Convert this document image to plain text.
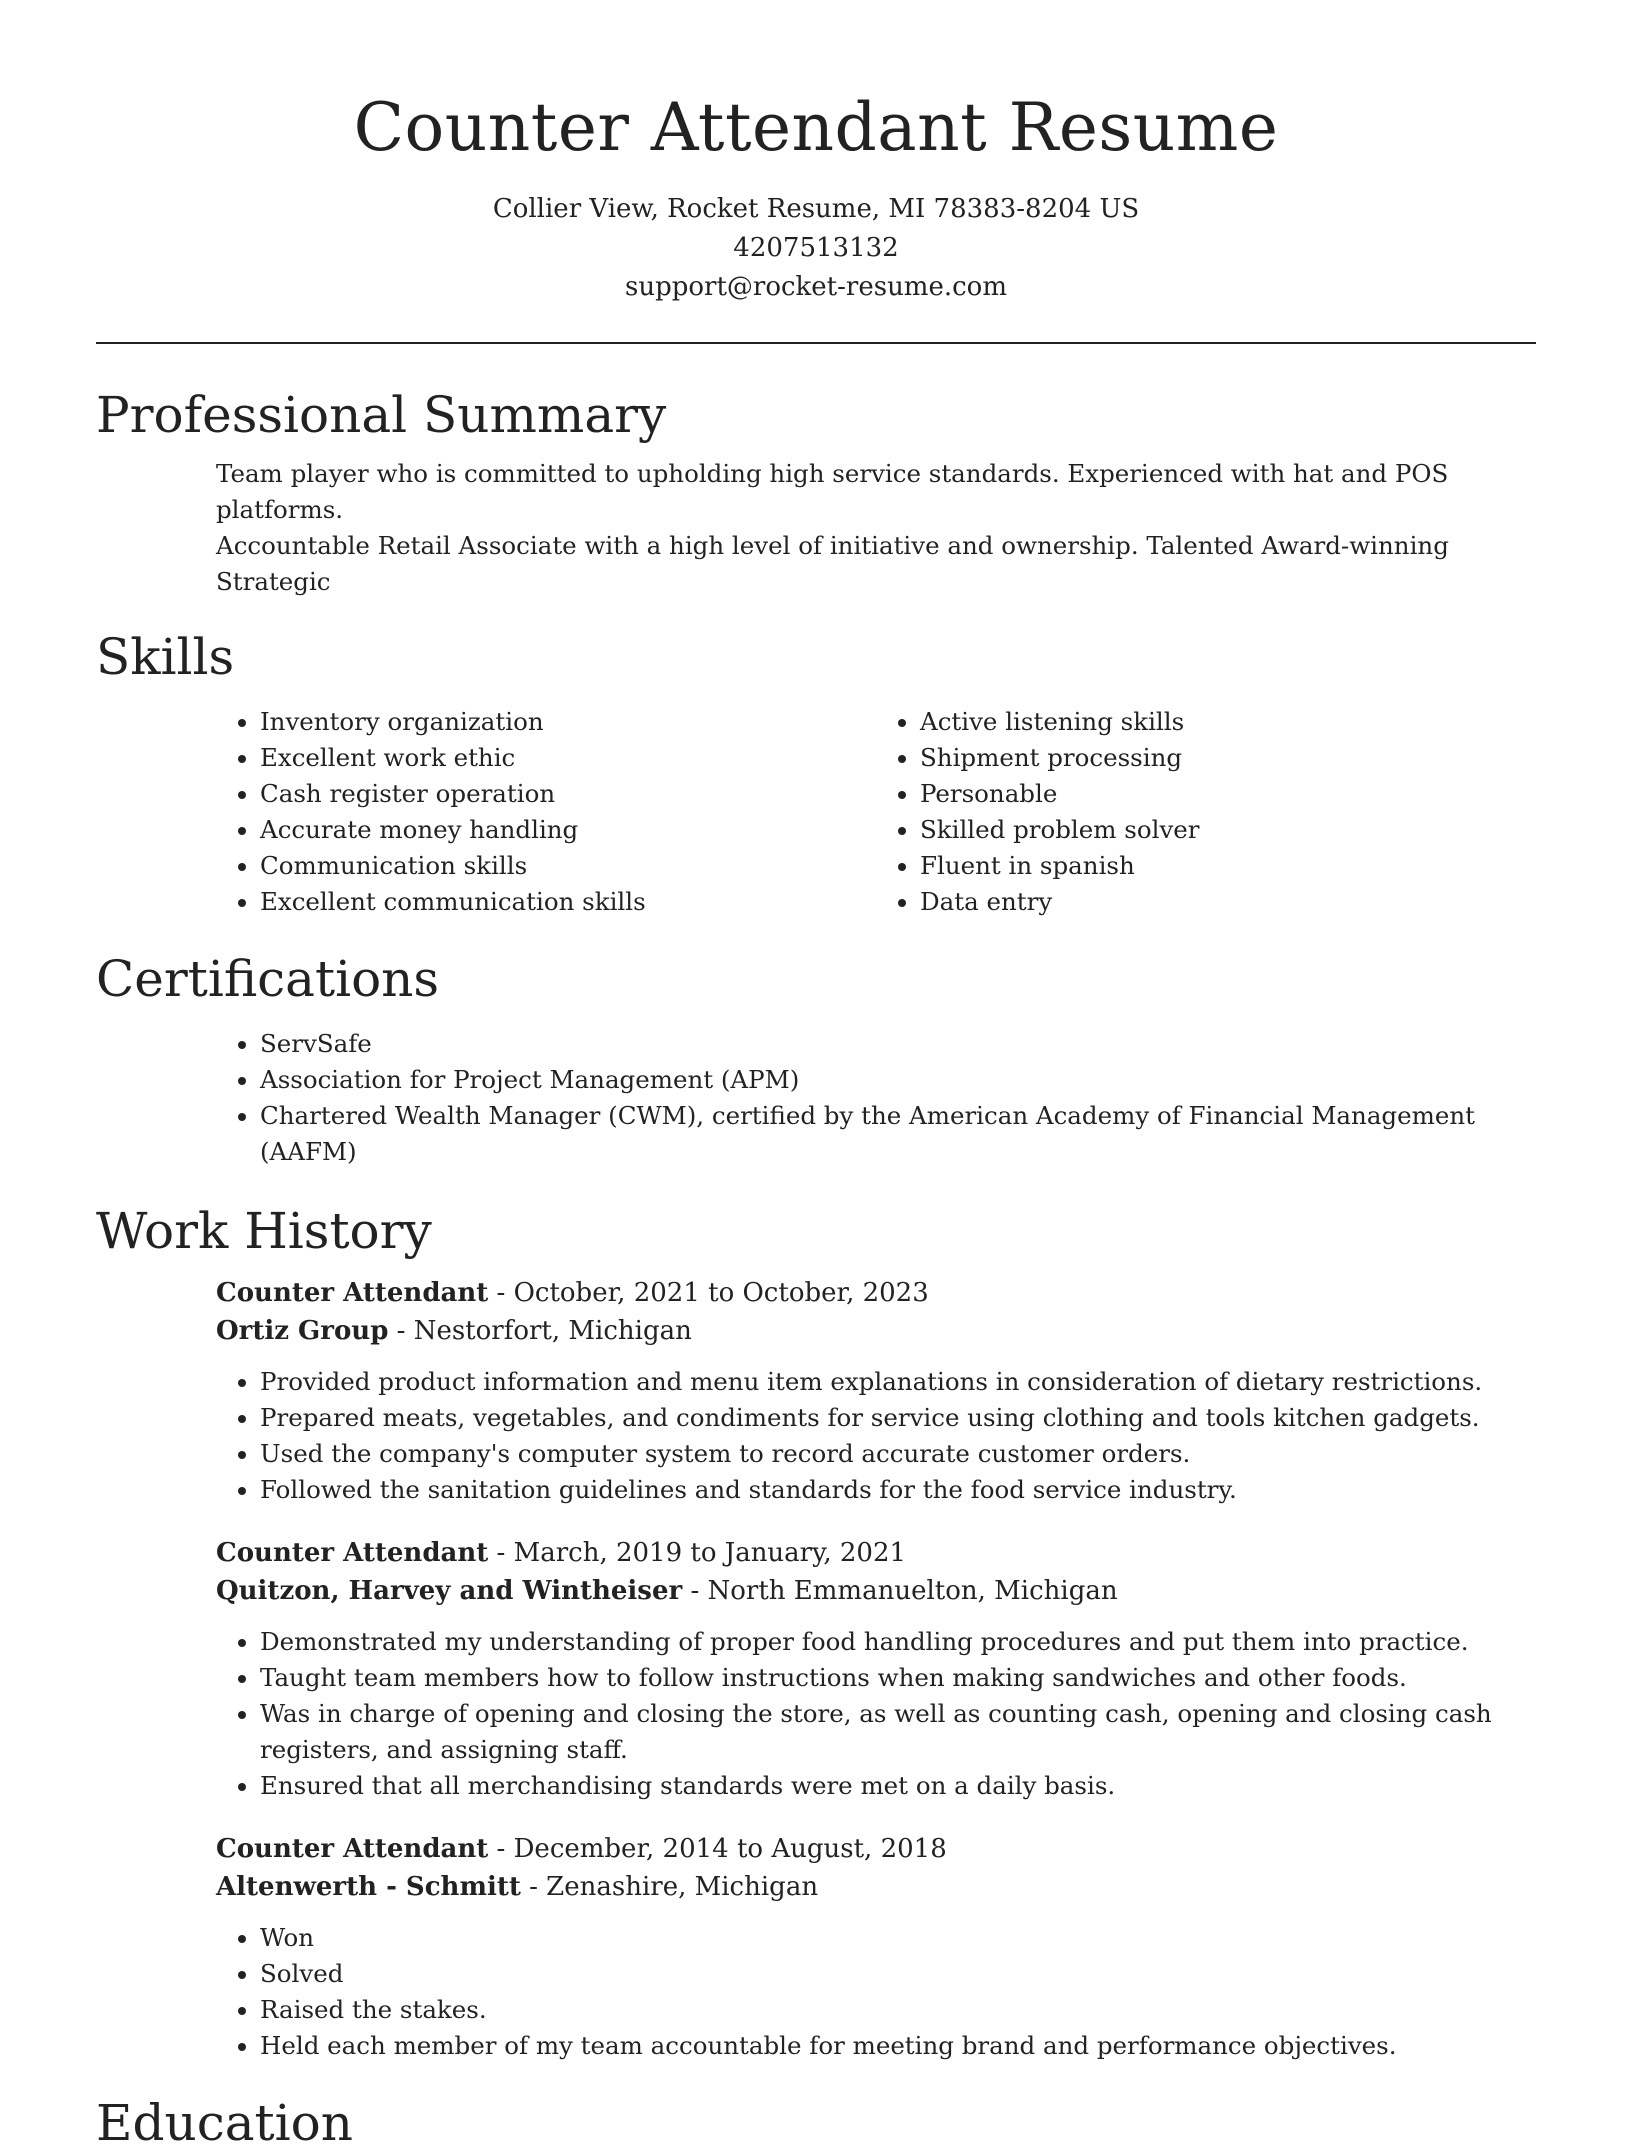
Counter Attendant Resume
Collier View, Rocket Resume, MI 78383-8204 US
4207513132
support@rocket-resume.com
Professional Summary
Team player who is committed to upholding high service standards. Experienced with hat and POS platforms.
Accountable Retail Associate with a high level of initiative and ownership. Talented Award-winning Strategic
Skills
• Inventory organization
• Excellent work ethic
• Cash register operation
• Accurate money handling
• Communication skills
• Excellent communication skills
• Active listening skills
• Shipment processing
• Personable
• Skilled problem solver
• Fluent in spanish
• Data entry
Certifications
• ServSafe
• Association for Project Management (APM)
• Chartered Wealth Manager (CWM), certified by the American Academy of Financial Management (AAFM)
Work History
Counter Attendant - October, 2021 to October, 2023
Ortiz Group - Nestorfort, Michigan
• Provided product information and menu item explanations in consideration of dietary restrictions.
• Prepared meats, vegetables, and condiments for service using clothing and tools kitchen gadgets.
• Used the company's computer system to record accurate customer orders.
• Followed the sanitation guidelines and standards for the food service industry.
Counter Attendant - March, 2019 to January, 2021
Quitzon, Harvey and Wintheiser - North Emmanuelton, Michigan
• Demonstrated my understanding of proper food handling procedures and put them into practice.
• Taught team members how to follow instructions when making sandwiches and other foods.
• Was in charge of opening and closing the store, as well as counting cash, opening and closing cash registers, and assigning staff.
• Ensured that all merchandising standards were met on a daily basis.
Counter Attendant - December, 2014 to August, 2018
Altenwerth - Schmitt - Zenashire, Michigan
• Won
• Solved
• Raised the stakes.
• Held each member of my team accountable for meeting brand and performance objectives.
Education
